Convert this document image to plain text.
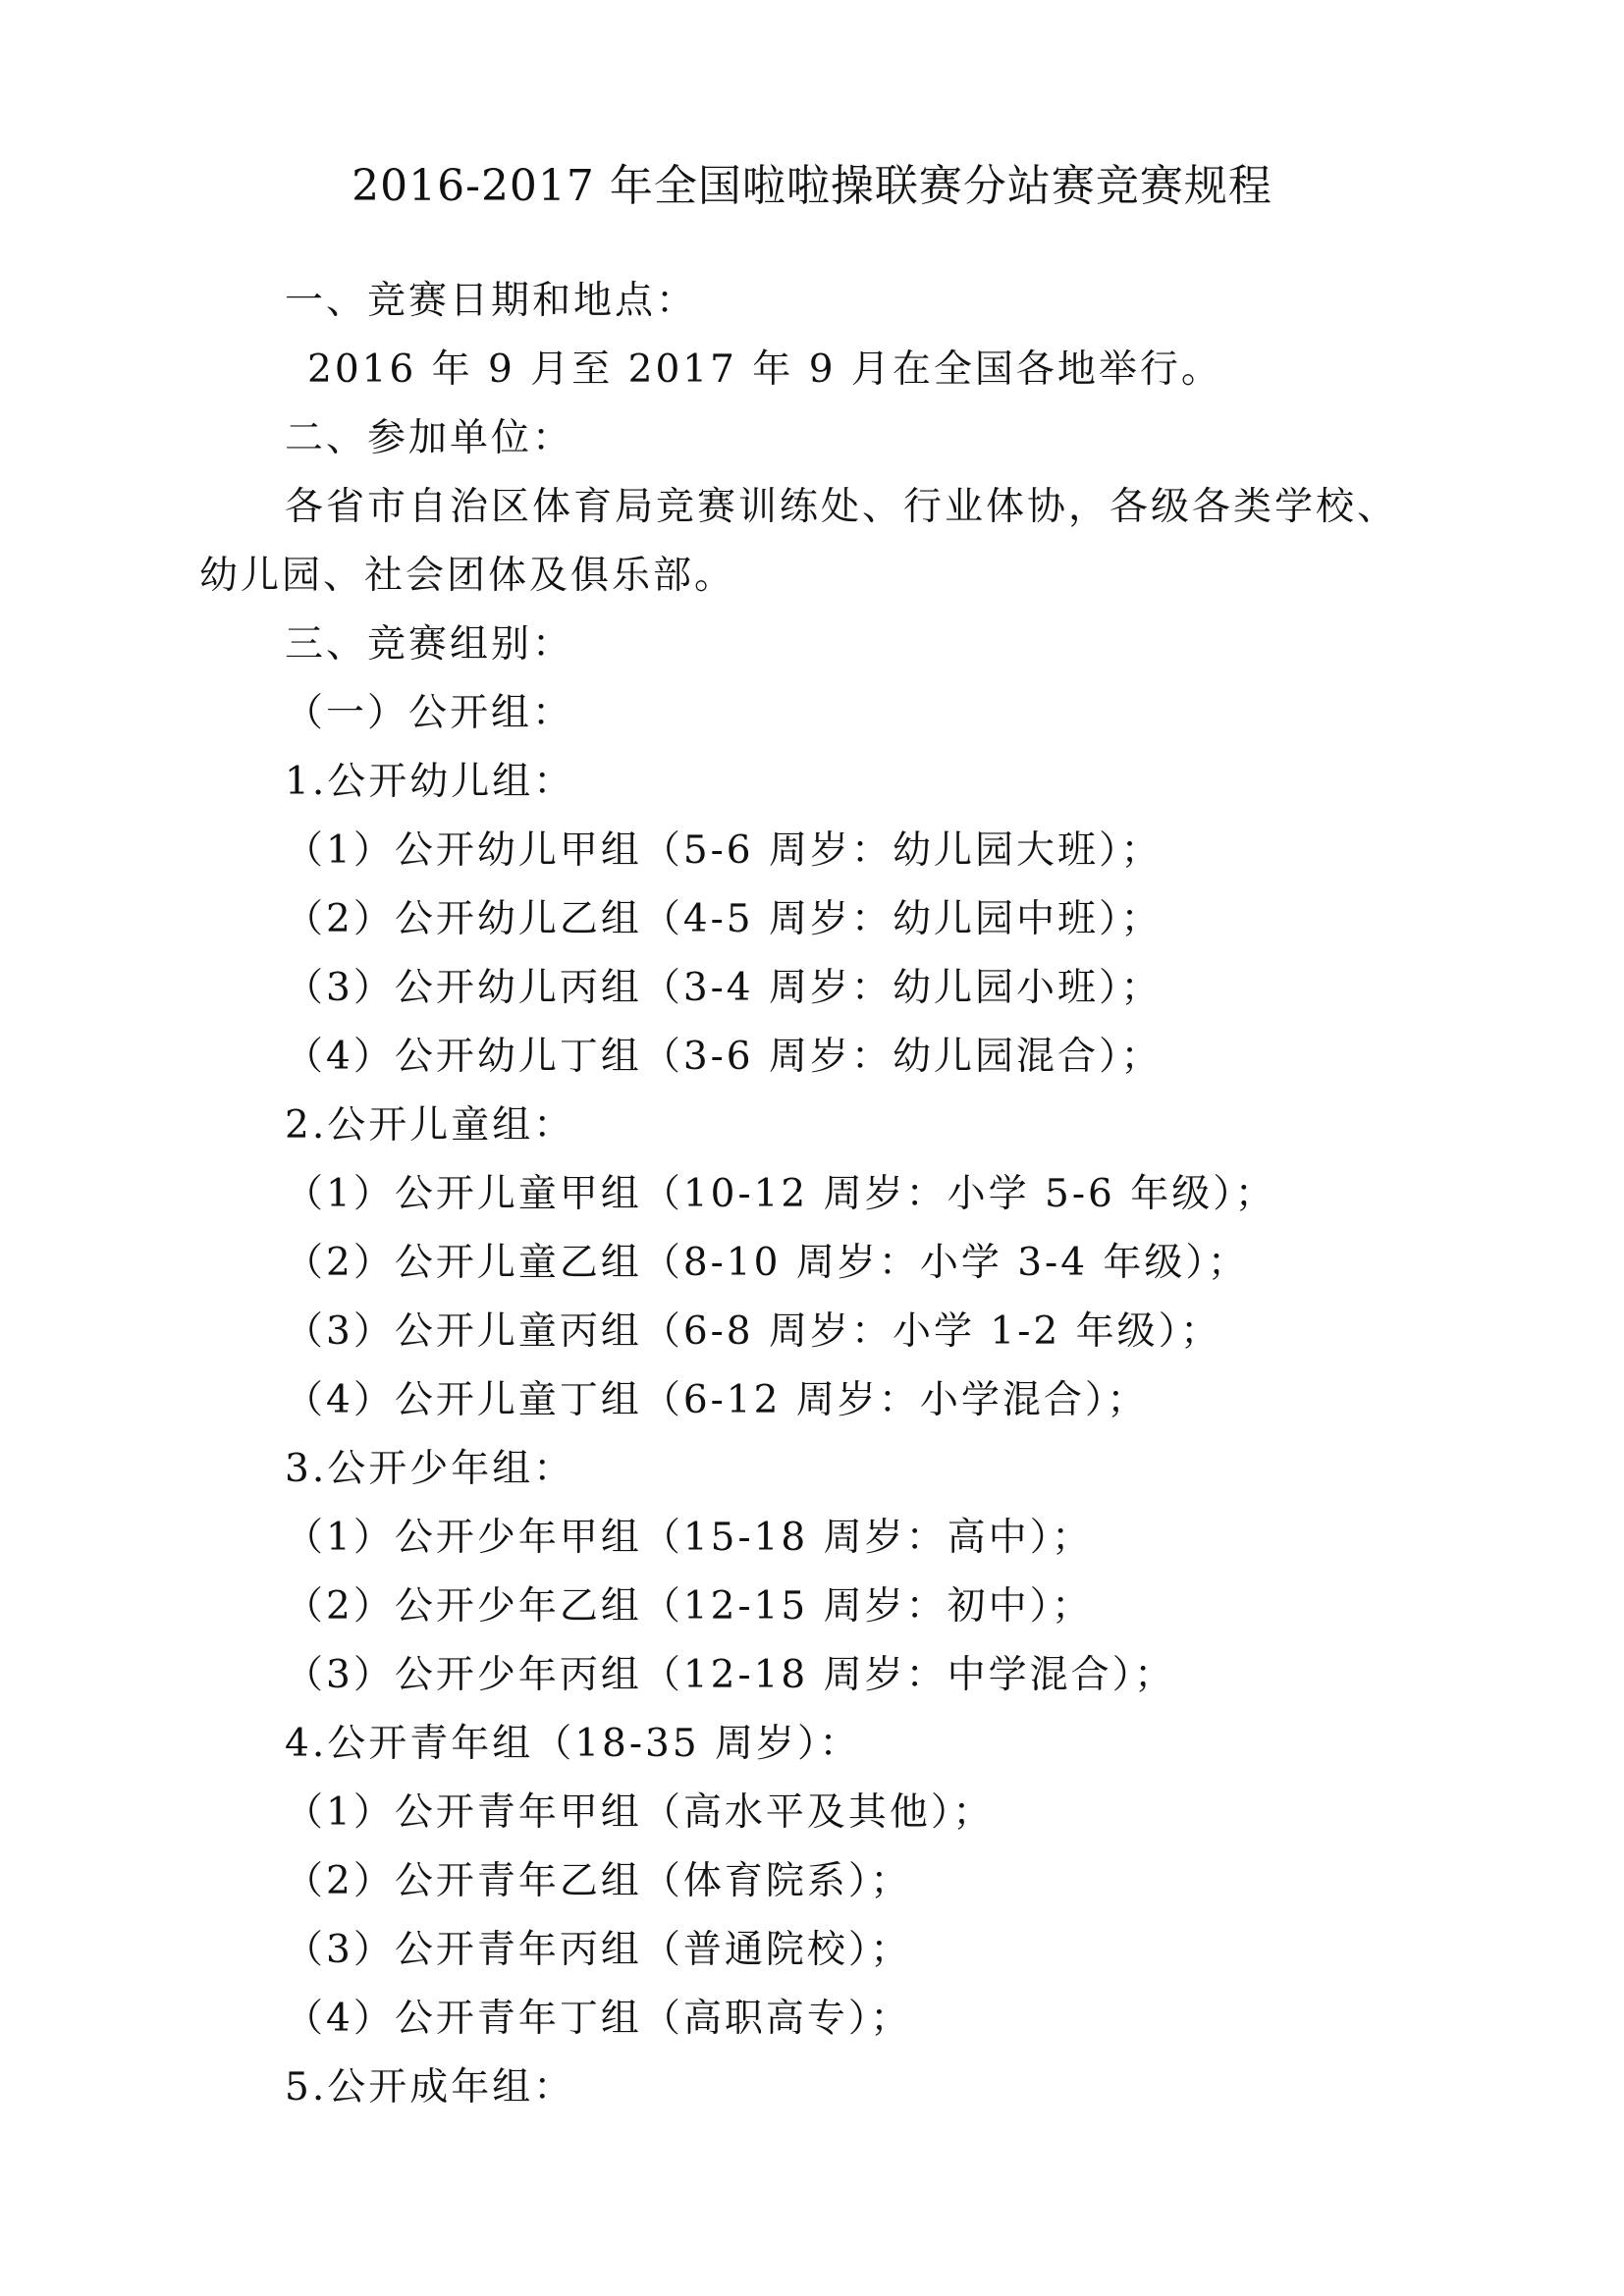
2016-2017 年全国啦啦操联赛分站赛竞赛规程
一、竞赛日期和地点：
2016 年 9 月至 2017 年 9 月在全国各地举行。
二、参加单位：
各省市自治区体育局竞赛训练处、行业体协，各级各类学校、
幼儿园、社会团体及俱乐部。
三、竞赛组别：
（一）公开组：
1.公开幼儿组：
（1）公开幼儿甲组（5-6 周岁：幼儿园大班）；
（2）公开幼儿乙组（4-5 周岁：幼儿园中班）；
（3）公开幼儿丙组（3-4 周岁：幼儿园小班）；
（4）公开幼儿丁组（3-6 周岁：幼儿园混合）；
2.公开儿童组：
（1）公开儿童甲组（10-12 周岁：小学 5-6 年级）；
（2）公开儿童乙组（8-10 周岁：小学 3-4 年级）；
（3）公开儿童丙组（6-8 周岁：小学 1-2 年级）；
（4）公开儿童丁组（6-12 周岁：小学混合）；
3.公开少年组：
（1）公开少年甲组（15-18 周岁：高中）；
（2）公开少年乙组（12-15 周岁：初中）；
（3）公开少年丙组（12-18 周岁：中学混合）；
4.公开青年组（18-35 周岁）：
（1）公开青年甲组（高水平及其他）；
（2）公开青年乙组（体育院系）；
（3）公开青年丙组（普通院校）；
（4）公开青年丁组（高职高专）；
5.公开成年组：
